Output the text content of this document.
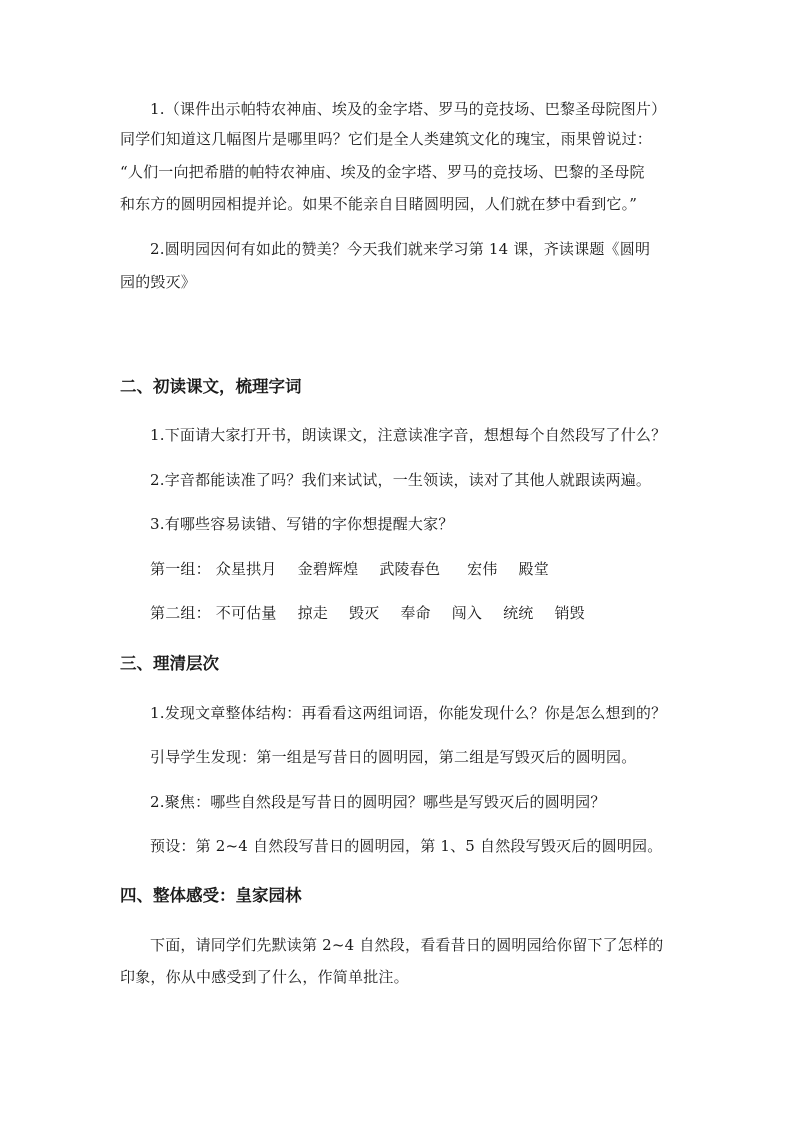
1.（课件出示帕特农神庙、埃及的金字塔、罗马的竞技场、巴黎圣母院图片）
同学们知道这几幅图片是哪里吗？它们是全人类建筑文化的瑰宝，雨果曾说过：
“人们一向把希腊的帕特农神庙、埃及的金字塔、罗马的竞技场、巴黎的圣母院
和东方的圆明园相提并论。如果不能亲自目睹圆明园，人们就在梦中看到它。”
2.圆明园因何有如此的赞美？今天我们就来学习第 14 课，齐读课题《圆明
园的毁灭》
二、初读课文，梳理字词
1.下面请大家打开书，朗读课文，注意读准字音，想想每个自然段写了什么？
2.字音都能读准了吗？我们来试试，一生领读，读对了其他人就跟读两遍。
3.有哪些容易读错、写错的字你想提醒大家？
第一组： 众星拱月 金碧辉煌 武陵春色 宏伟 殿堂
第二组： 不可估量 掠走 毁灭 奉命 闯入 统统 销毁
三、理清层次
1.发现文章整体结构：再看看这两组词语，你能发现什么？你是怎么想到的？
引导学生发现：第一组是写昔日的圆明园，第二组是写毁灭后的圆明园。
2.聚焦：哪些自然段是写昔日的圆明园？哪些是写毁灭后的圆明园？
预设：第 2~4 自然段写昔日的圆明园，第 1、5 自然段写毁灭后的圆明园。
四、整体感受：皇家园林
下面，请同学们先默读第 2~4 自然段，看看昔日的圆明园给你留下了怎样的
印象，你从中感受到了什么，作简单批注。
